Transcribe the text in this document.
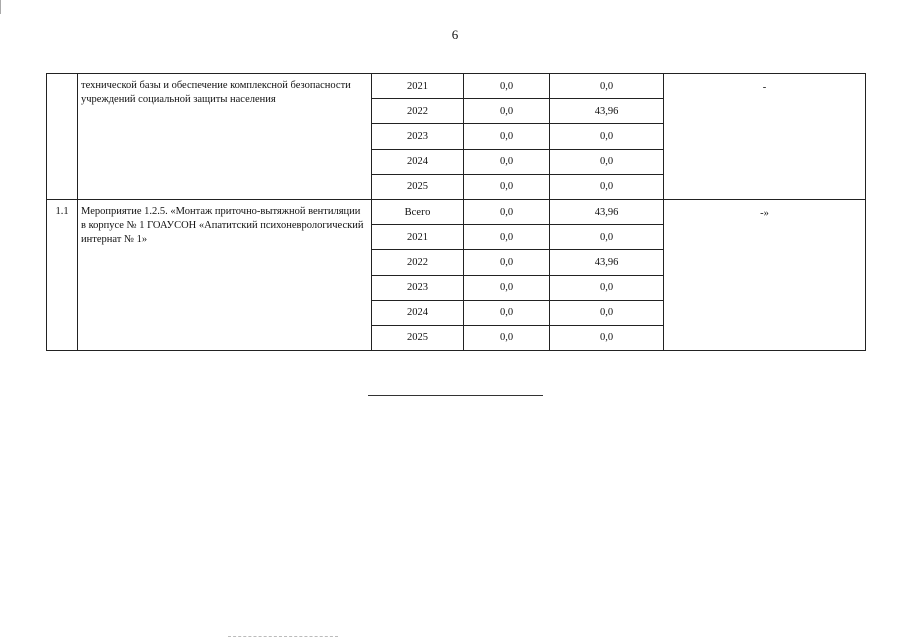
6
	технической базы и обеспечение комплексной безопасности учреждений социальной защиты населения	2021	0,0	0,0	-
		2022	0,0	43,96	
		2023	0,0	0,0	
		2024	0,0	0,0	
		2025	0,0	0,0	
1.1	Мероприятие 1.2.5. «Монтаж приточно-вытяжной вентиляции в корпусе № 1 ГОАУСОН «Апатитский психоневрологический интернат № 1»	Всего	0,0	43,96	-»
		2021	0,0	0,0	
		2022	0,0	43,96	
		2023	0,0	0,0	
		2024	0,0	0,0	
		2025	0,0	0,0	
